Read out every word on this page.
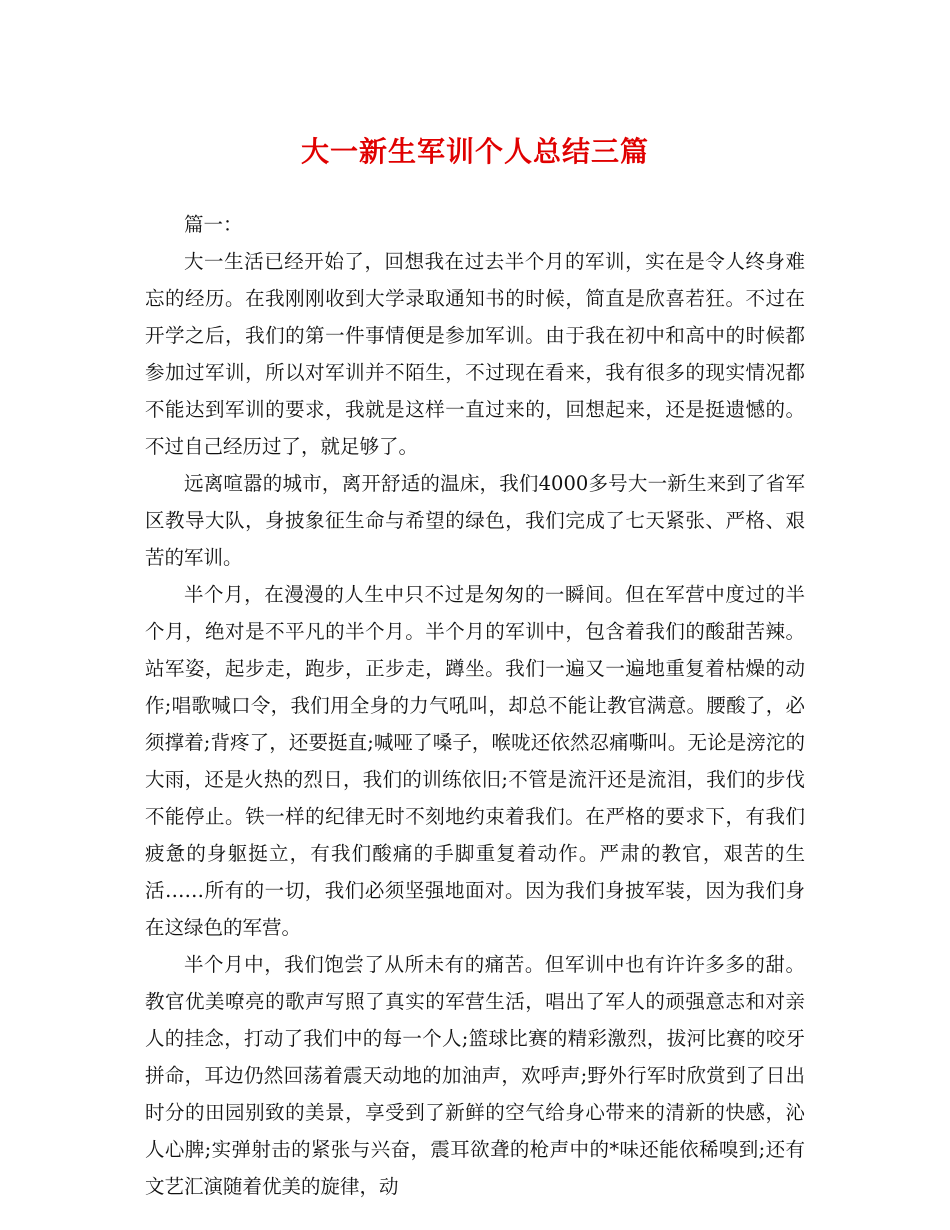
大一新生军训个人总结三篇

篇一：

大一生活已经开始了，回想我在过去半个月的军训，实在是令人终身难忘的经历。在我刚刚收到大学录取通知书的时候，简直是欣喜若狂。不过在开学之后，我们的第一件事情便是参加军训。由于我在初中和高中的时候都参加过军训，所以对军训并不陌生，不过现在看来，我有很多的现实情况都不能达到军训的要求，我就是这样一直过来的，回想起来，还是挺遗憾的。不过自己经历过了，就足够了。

远离喧嚣的城市，离开舒适的温床，我们4000多号大一新生来到了省军区教导大队，身披象征生命与希望的绿色，我们完成了七天紧张、严格、艰苦的军训。

半个月，在漫漫的人生中只不过是匆匆的一瞬间。但在军营中度过的半个月，绝对是不平凡的半个月。半个月的军训中，包含着我们的酸甜苦辣。站军姿，起步走，跑步，正步走，蹲坐。我们一遍又一遍地重复着枯燥的动作;唱歌喊口令，我们用全身的力气吼叫，却总不能让教官满意。腰酸了，必须撑着;背疼了，还要挺直;喊哑了嗓子，喉咙还依然忍痛嘶叫。无论是滂沱的大雨，还是火热的烈日，我们的训练依旧;不管是流汗还是流泪，我们的步伐不能停止。铁一样的纪律无时不刻地约束着我们。在严格的要求下，有我们疲惫的身躯挺立，有我们酸痛的手脚重复着动作。严肃的教官，艰苦的生活……所有的一切，我们必须坚强地面对。因为我们身披军装，因为我们身在这绿色的军营。

半个月中，我们饱尝了从所未有的痛苦。但军训中也有许许多多的甜。教官优美嘹亮的歌声写照了真实的军营生活，唱出了军人的顽强意志和对亲人的挂念，打动了我们中的每一个人;篮球比赛的精彩激烈，拔河比赛的咬牙拼命，耳边仍然回荡着震天动地的加油声，欢呼声;野外行军时欣赏到了日出时分的田园别致的美景，享受到了新鲜的空气给身心带来的清新的快感，沁人心脾;实弹射击的紧张与兴奋，震耳欲聋的枪声中的*味还能依稀嗅到;还有文艺汇演随着优美的旋律，动
